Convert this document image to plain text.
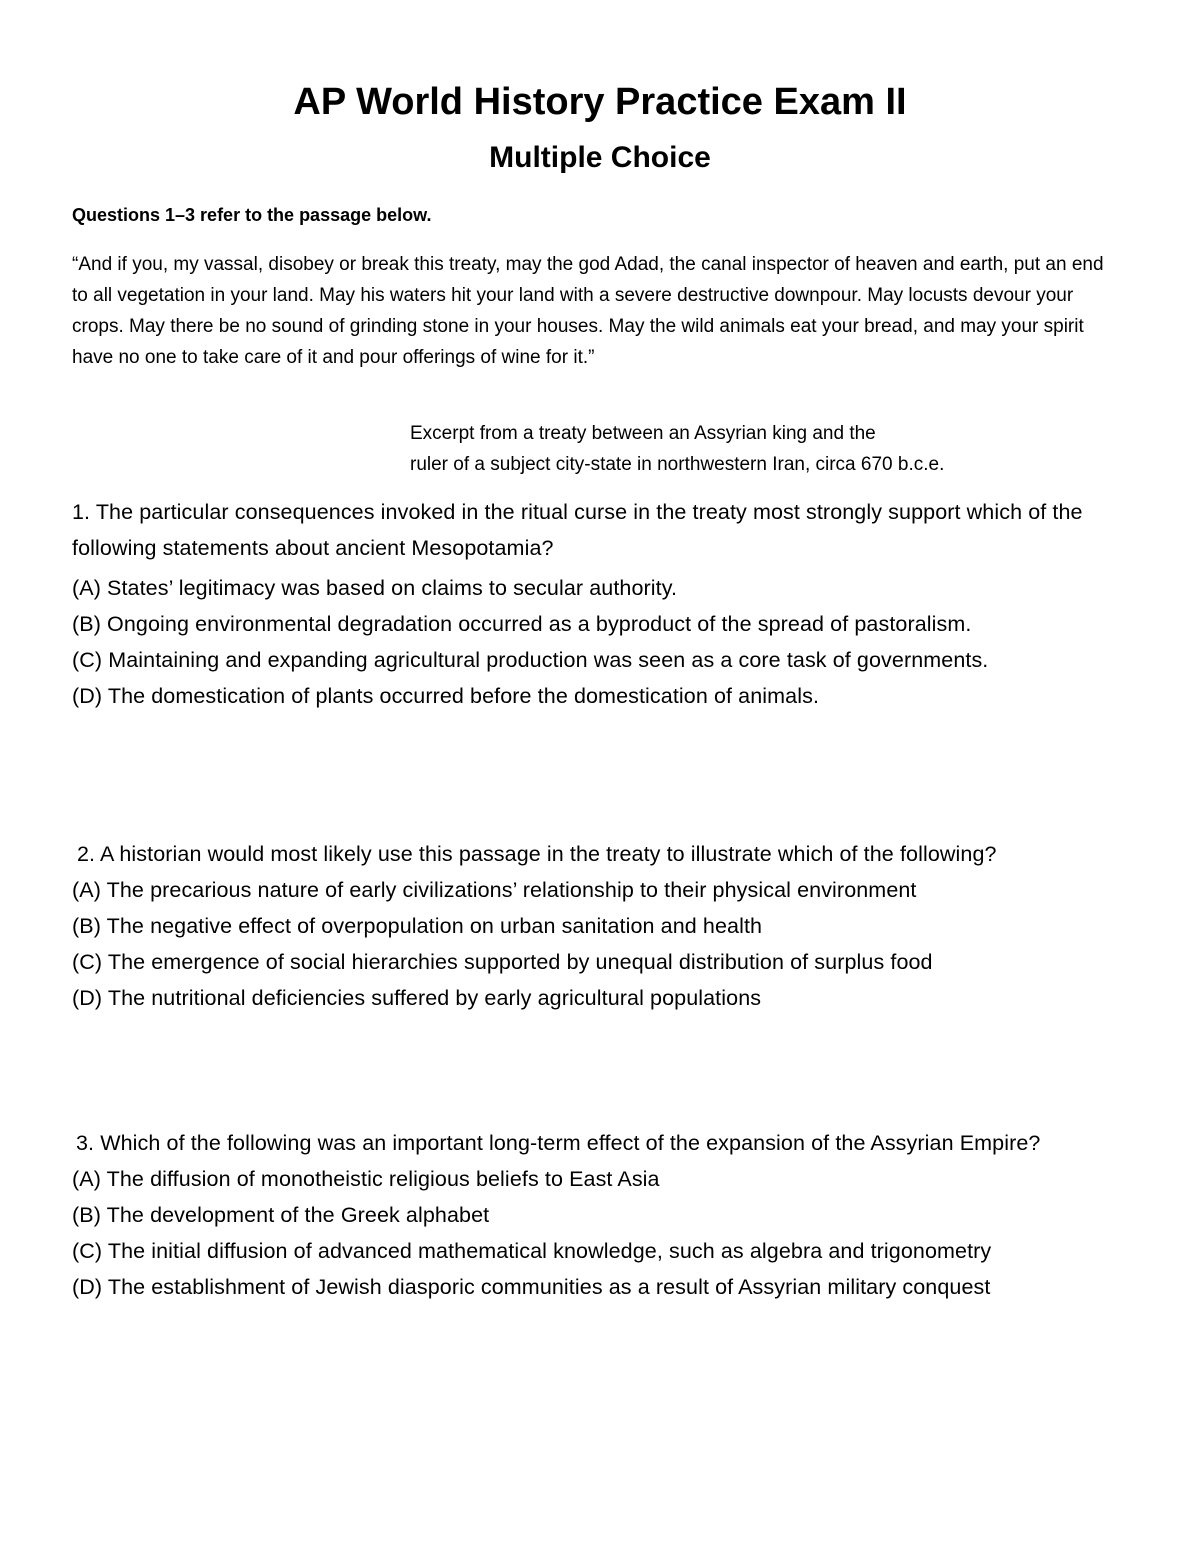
AP World History Practice Exam II
Multiple Choice

Questions 1–3 refer to the passage below.

“And if you, my vassal, disobey or break this treaty, may the god Adad, the canal inspector of heaven and earth, put an end to all vegetation in your land. May his waters hit your land with a severe destructive downpour. May locusts devour your crops. May there be no sound of grinding stone in your houses. May the wild animals eat your bread, and may your spirit have no one to take care of it and pour offerings of wine for it.”

Excerpt from a treaty between an Assyrian king and the
ruler of a subject city-state in northwestern Iran, circa 670 b.c.e.

1. The particular consequences invoked in the ritual curse in the treaty most strongly support which of the following statements about ancient Mesopotamia?
(A) States’ legitimacy was based on claims to secular authority.
(B) Ongoing environmental degradation occurred as a byproduct of the spread of pastoralism.
(C) Maintaining and expanding agricultural production was seen as a core task of governments.
(D) The domestication of plants occurred before the domestication of animals.
2. A historian would most likely use this passage in the treaty to illustrate which of the following?
(A) The precarious nature of early civilizations’ relationship to their physical environment
(B) The negative effect of overpopulation on urban sanitation and health
(C) The emergence of social hierarchies supported by unequal distribution of surplus food
(D) The nutritional deficiencies suffered by early agricultural populations
3. Which of the following was an important long-term effect of the expansion of the Assyrian Empire?
(A) The diffusion of monotheistic religious beliefs to East Asia
(B) The development of the Greek alphabet
(C) The initial diffusion of advanced mathematical knowledge, such as algebra and trigonometry
(D) The establishment of Jewish diasporic communities as a result of Assyrian military conquest
